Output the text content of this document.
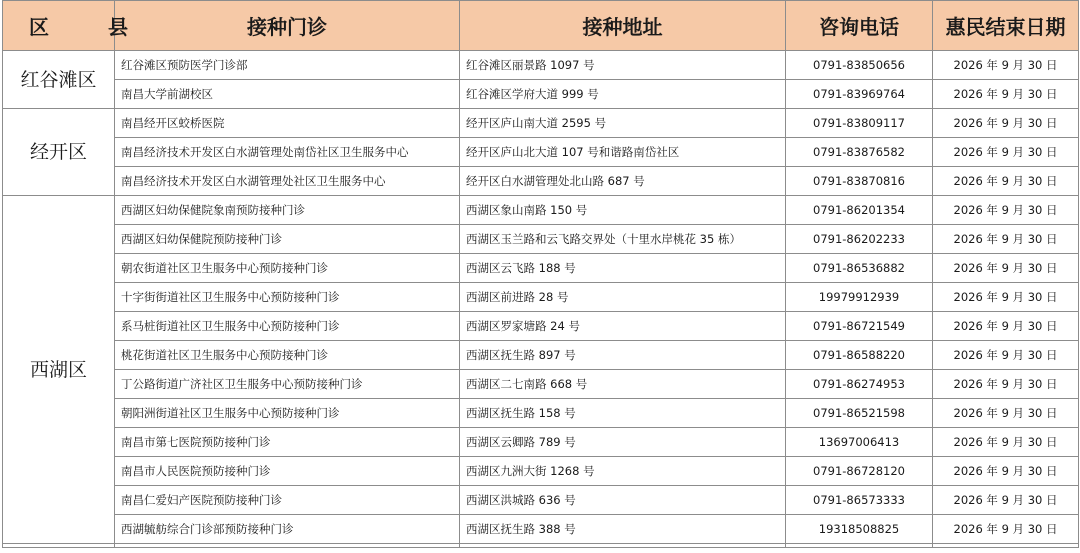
区 县	接种门诊	接种地址	咨询电话	惠民结束日期
红谷滩区	红谷滩区预防医学门诊部	红谷滩区丽景路 1097 号	0791-83850656	2026 年 9 月 30 日
	南昌大学前湖校区	红谷滩区学府大道 999 号	0791-83969764	2026 年 9 月 30 日
经开区	南昌经开区蛟桥医院	经开区庐山南大道 2595 号	0791-83809117	2026 年 9 月 30 日
	南昌经济技术开发区白水湖管理处南岱社区卫生服务中心	经开区庐山北大道 107 号和谐路南岱社区	0791-83876582	2026 年 9 月 30 日
	南昌经济技术开发区白水湖管理处社区卫生服务中心	经开区白水湖管理处北山路 687 号	0791-83870816	2026 年 9 月 30 日
西湖区	西湖区妇幼保健院象南预防接种门诊	西湖区象山南路 150 号	0791-86201354	2026 年 9 月 30 日
	西湖区妇幼保健院预防接种门诊	西湖区玉兰路和云飞路交界处（十里水岸桃花 35 栋）	0791-86202233	2026 年 9 月 30 日
	朝农街道社区卫生服务中心预防接种门诊	西湖区云飞路 188 号	0791-86536882	2026 年 9 月 30 日
	十字街街道社区卫生服务中心预防接种门诊	西湖区前进路 28 号	19979912939	2026 年 9 月 30 日
	系马桩街道社区卫生服务中心预防接种门诊	西湖区罗家塘路 24 号	0791-86721549	2026 年 9 月 30 日
	桃花街道社区卫生服务中心预防接种门诊	西湖区抚生路 897 号	0791-86588220	2026 年 9 月 30 日
	丁公路街道广济社区卫生服务中心预防接种门诊	西湖区二七南路 668 号	0791-86274953	2026 年 9 月 30 日
	朝阳洲街道社区卫生服务中心预防接种门诊	西湖区抚生路 158 号	0791-86521598	2026 年 9 月 30 日
	南昌市第七医院预防接种门诊	西湖区云卿路 789 号	13697006413	2026 年 9 月 30 日
	南昌市人民医院预防接种门诊	西湖区九洲大街 1268 号	0791-86728120	2026 年 9 月 30 日
	南昌仁爱妇产医院预防接种门诊	西湖区洪城路 636 号	0791-86573333	2026 年 9 月 30 日
	西湖毓舫综合门诊部预防接种门诊	西湖区抚生路 388 号	19318508825	2026 年 9 月 30 日
